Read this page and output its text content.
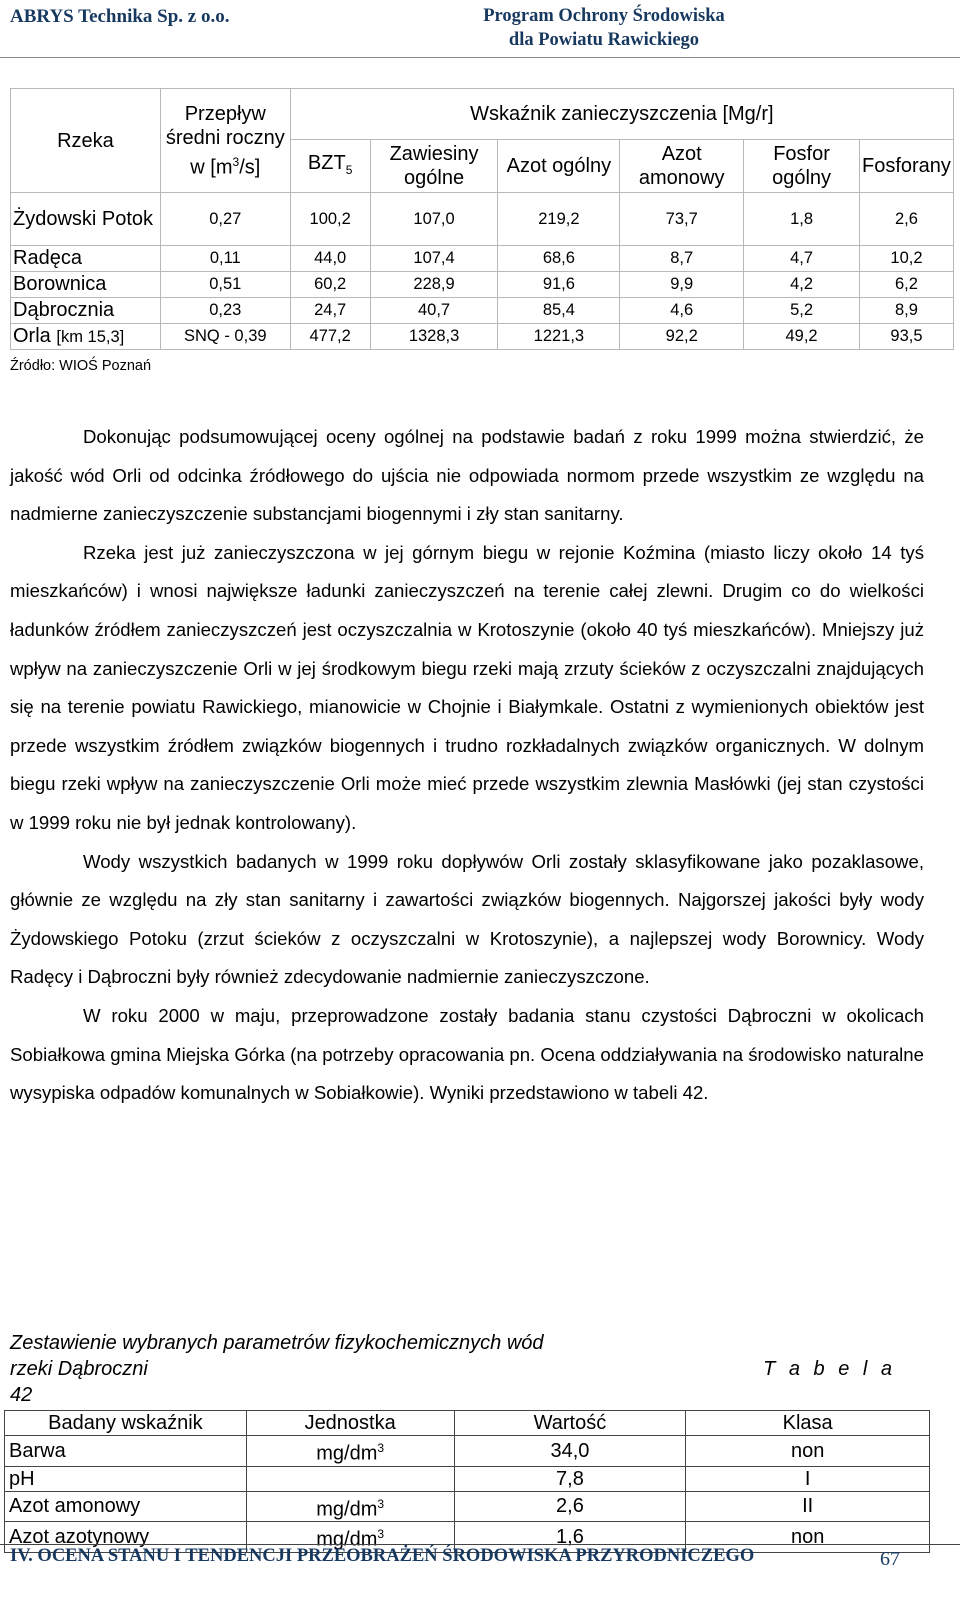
ABRYS Technika Sp. z o.o.	Program Ochrony Środowiska
dla Powiatu Rawickiego
Rzeka	Przepływ średni roczny w $[m^3/s]$	Wskaźnik zanieczyszczenia [Mg/r]					
		$BZT_5$	Zawiesiny ogólne	Azot ogólny	Azot amonowy	Fosfor ogólny	Fosforany
Żydowski Potok	0,27	100,2	107,0	219,2	73,7	1,8	2,6
Radęca	0,11	44,0	107,4	68,6	8,7	4,7	10,2
Borownica	0,51	60,2	228,9	91,6	9,9	4,2	6,2
Dąbrocznia	0,23	24,7	40,7	85,4	4,6	5,2	8,9
Orla [km 15,3]	SNQ - 0,39	477,2	1328,3	1221,3	92,2	49,2	93,5
Źródło: WIOŚ Poznań

Dokonując podsumowującej oceny ogólnej na podstawie badań z roku 1999 można stwierdzić, że jakość wód Orli od odcinka źródłowego do ujścia nie odpowiada normom przede wszystkim ze względu na nadmierne zanieczyszczenie substancjami biogennymi i zły stan sanitarny.

Rzeka jest już zanieczyszczona w jej górnym biegu w rejonie Koźmina (miasto liczy około 14 tyś mieszkańców) i wnosi największe ładunki zanieczyszczeń na terenie całej zlewni. Drugim co do wielkości ładunków źródłem zanieczyszczeń jest oczyszczalnia w Krotoszynie (około 40 tyś mieszkańców). Mniejszy już wpływ na zanieczyszczenie Orli w jej środkowym biegu rzeki mają zrzuty ścieków z oczyszczalni znajdujących się na terenie powiatu Rawickiego, mianowicie w Chojnie i Białymkale. Ostatni z wymienionych obiektów jest przede wszystkim źródłem związków biogennych i trudno rozkładalnych związków organicznych. W dolnym biegu rzeki wpływ na zanieczyszczenie Orli może mieć przede wszystkim zlewnia Masłówki (jej stan czystości w 1999 roku nie był jednak kontrolowany).

Wody wszystkich badanych w 1999 roku dopływów Orli zostały sklasyfikowane jako pozaklasowe, głównie ze względu na zły stan sanitarny i zawartości związków biogennych. Najgorszej jakości były wody Żydowskiego Potoku (zrzut ścieków z oczyszczalni w Krotoszynie), a najlepszej wody Borownicy. Wody Radęcy i Dąbroczni były również zdecydowanie nadmiernie zanieczyszczone.

W roku 2000 w maju, przeprowadzone zostały badania stanu czystości Dąbroczni w okolicach Sobiałkowa gmina Miejska Górka (na potrzeby opracowania pn. Ocena oddziaływania na środowisko naturalne wysypiska odpadów komunalnych w Sobiałkowie). Wyniki przedstawiono w tabeli 42.

Zestawienie wybranych parametrów fizykochemicznych wód
rzeki Dąbroczni
42
T a b e l a
Badany wskaźnik	Jednostka	Wartość	Klasa
Barwa	$mg/dm^3$	34,0	non
pH		7,8	I
Azot amonowy	$mg/dm^3$	2,6	II
Azot azotynowy	$mg/dm^3$	1,6	non
IV. OCENA STANU I TENDENCJI PRZEOBRAŻEŃ ŚRODOWISKA PRZYRODNICZEGO	67
